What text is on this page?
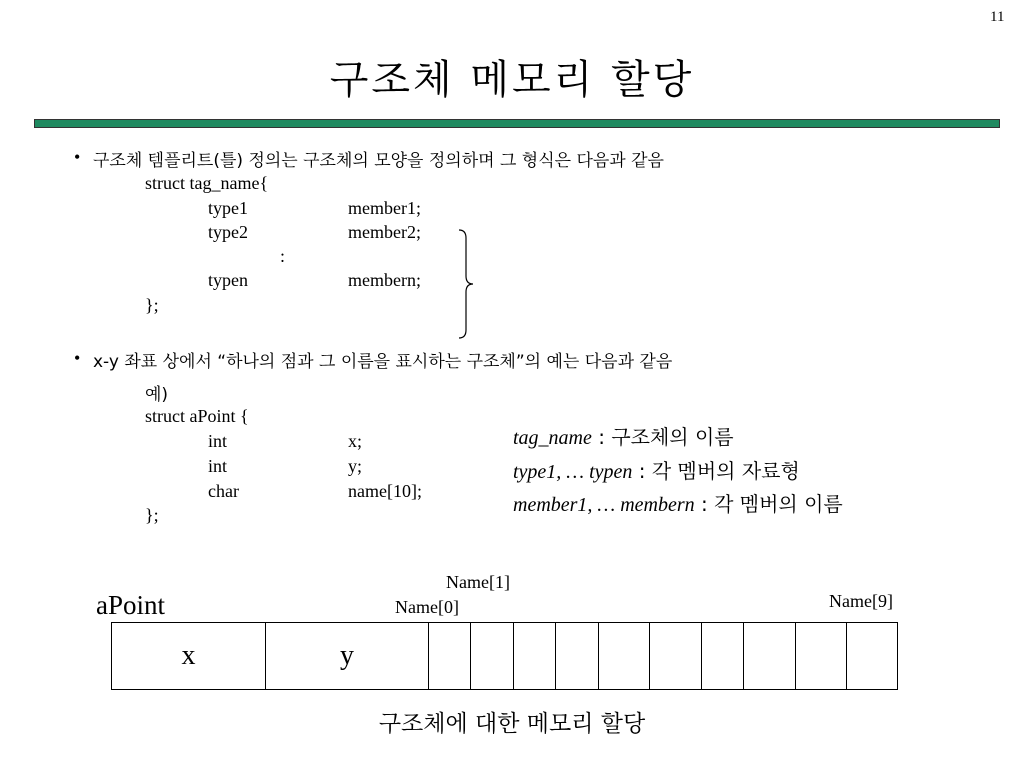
11
구조체 메모리 할당
• 구조체 템플리트(틀) 정의는 구조체의 모양을 정의하며 그 형식은 다음과 같음
struct tag_name{
type1	member1;
type2	member2;
:
typen	membern;
};
• x-y 좌표 상에서 “하나의 점과 그 이름을 표시하는 구조체”의 예는 다음과 같음
예)
struct aPoint {
int	x;
int	y;
char	name[10];
};
tag_name : 구조체의 이름
type1, … typen : 각 멤버의 자료형
member1, … membern : 각 멤버의 이름
aPoint
Name[1]
Name[0]	Name[9]
x	y
구조체에 대한 메모리 할당
